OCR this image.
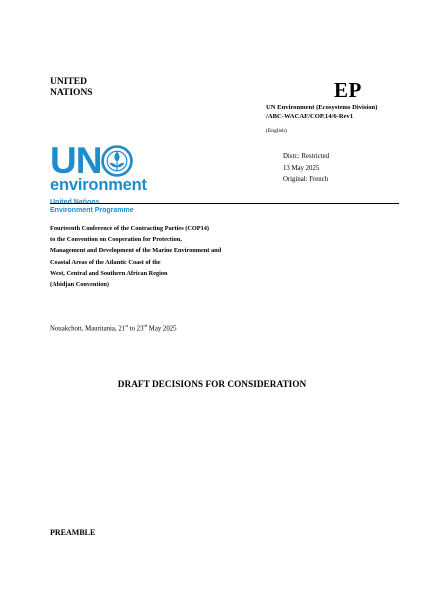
UNITED
NATIONS	EP
UN Environment (Ecosystems Division)
/ABC-WACAF/COP.14/6-Rev1
(English)
UN
environment
Environment Programme
Distr.: Restricted
13 May 2025
Original: French
Fourteenth Conference of the Contracting Parties (COP14)
to the Convention on Cooperation for Protection,
Management and Development of the Marine Environment and
Coastal Areas of the Atlantic Coast of the
West, Central and Southern African Region
(Abidjan Convention)
Nouakchott, Mauritania, 21st to 23rd May 2025
DRAFT DECISIONS FOR CONSIDERATION
PREAMBLE
